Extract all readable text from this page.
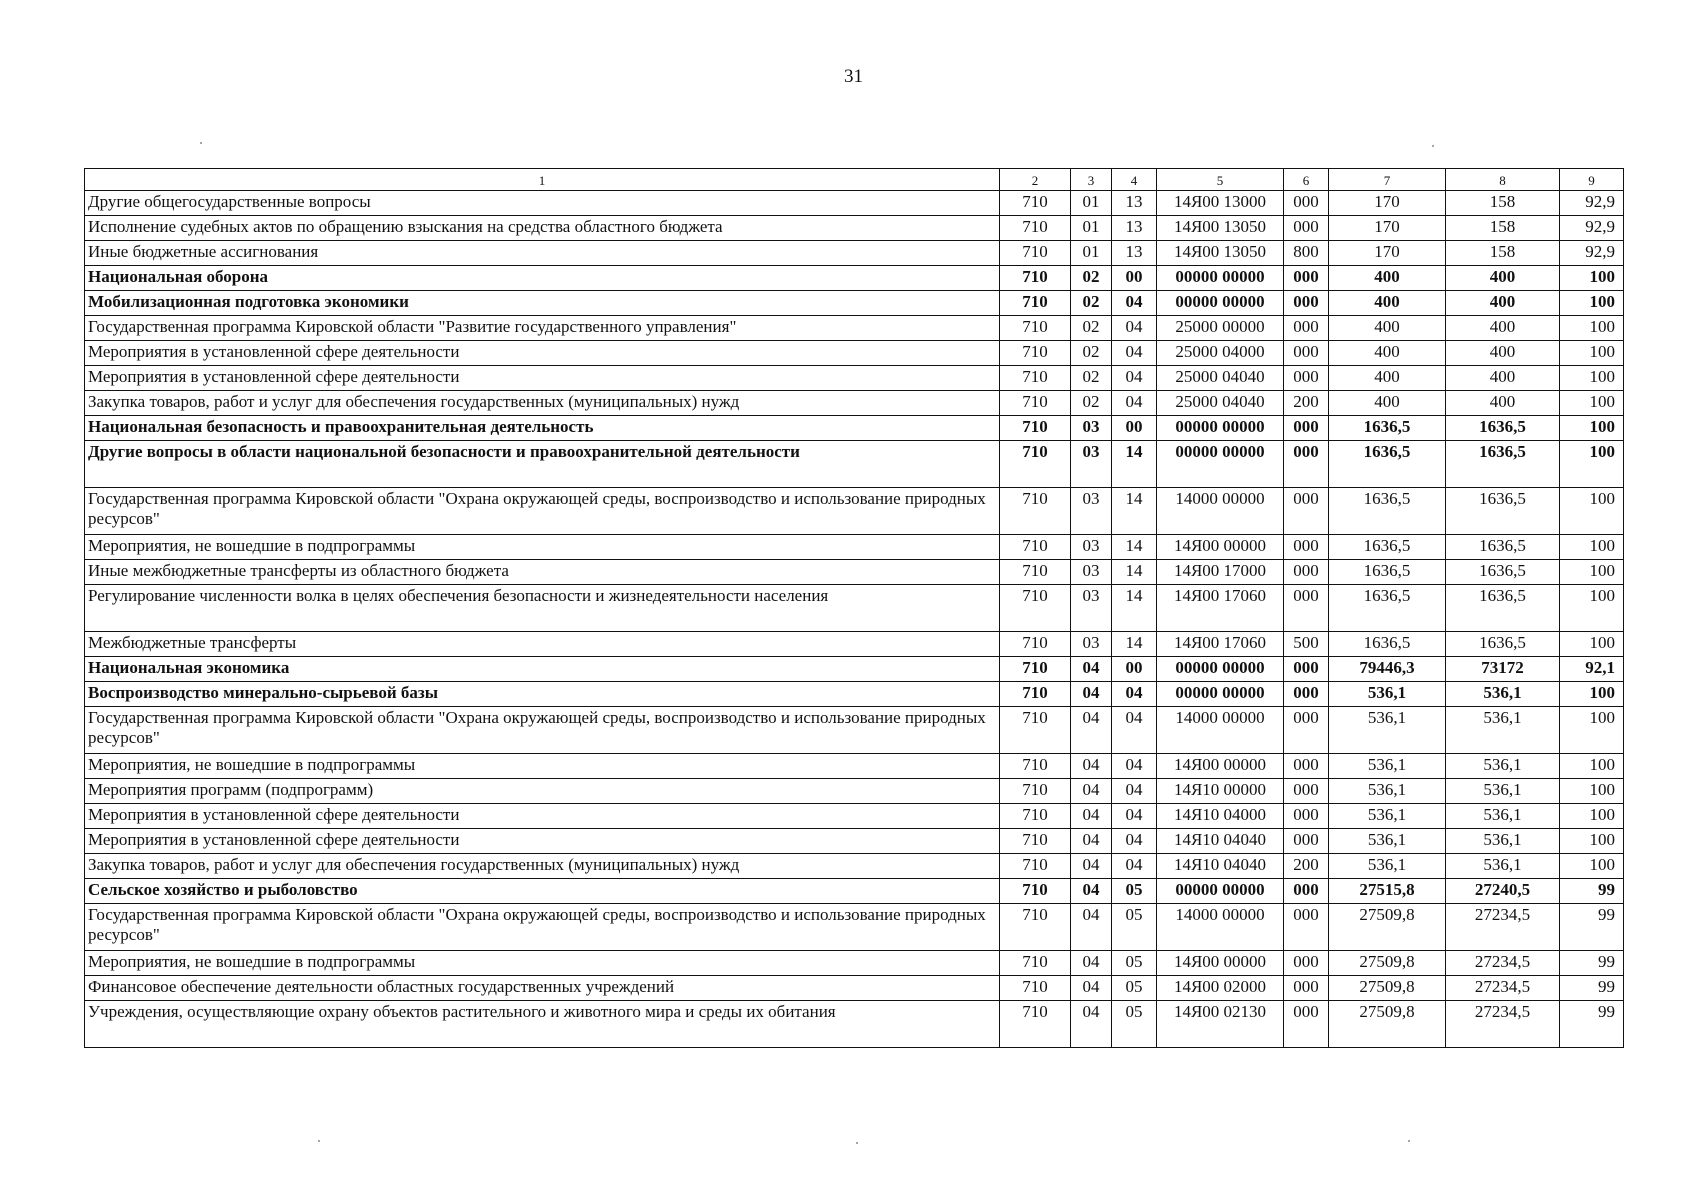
31
1	2	3	4	5	6	7	8	9
Другие общегосударственные вопросы	710	01	13	14Я00 13000	000	170	158	92,9
Исполнение судебных актов по обращению взыскания на средства областного бюджета	710	01	13	14Я00 13050	000	170	158	92,9
Иные бюджетные ассигнования	710	01	13	14Я00 13050	800	170	158	92,9
Национальная оборона	710	02	00	00000 00000	000	400	400	100
Мобилизационная подготовка экономики	710	02	04	00000 00000	000	400	400	100
Государственная программа Кировской области "Развитие государственного управления"	710	02	04	25000 00000	000	400	400	100
Мероприятия в установленной сфере деятельности	710	02	04	25000 04000	000	400	400	100
Мероприятия в установленной сфере деятельности	710	02	04	25000 04040	000	400	400	100
Закупка товаров, работ и услуг для обеспечения государственных (муниципальных) нужд	710	02	04	25000 04040	200	400	400	100
Национальная безопасность и правоохранительная деятельность	710	03	00	00000 00000	000	1636,5	1636,5	100
Другие вопросы в области национальной безопасности и правоохранительной деятельности	710	03	14	00000 00000	000	1636,5	1636,5	100
Государственная программа Кировской области "Охрана окружающей среды, воспроизводство и использование природных ресурсов"	710	03	14	14000 00000	000	1636,5	1636,5	100
Мероприятия, не вошедшие в подпрограммы	710	03	14	14Я00 00000	000	1636,5	1636,5	100
Иные межбюджетные трансферты из областного бюджета	710	03	14	14Я00 17000	000	1636,5	1636,5	100
Регулирование численности волка в целях обеспечения безопасности и жизнедеятельности населения	710	03	14	14Я00 17060	000	1636,5	1636,5	100
Межбюджетные трансферты	710	03	14	14Я00 17060	500	1636,5	1636,5	100
Национальная экономика	710	04	00	00000 00000	000	79446,3	73172	92,1
Воспроизводство минерально-сырьевой базы	710	04	04	00000 00000	000	536,1	536,1	100
Государственная программа Кировской области "Охрана окружающей среды, воспроизводство и использование природных ресурсов"	710	04	04	14000 00000	000	536,1	536,1	100
Мероприятия, не вошедшие в подпрограммы	710	04	04	14Я00 00000	000	536,1	536,1	100
Мероприятия программ (подпрограмм)	710	04	04	14Я10 00000	000	536,1	536,1	100
Мероприятия в установленной сфере деятельности	710	04	04	14Я10 04000	000	536,1	536,1	100
Мероприятия в установленной сфере деятельности	710	04	04	14Я10 04040	000	536,1	536,1	100
Закупка товаров, работ и услуг для обеспечения государственных (муниципальных) нужд	710	04	04	14Я10 04040	200	536,1	536,1	100
Сельское хозяйство и рыболовство	710	04	05	00000 00000	000	27515,8	27240,5	99
Государственная программа Кировской области "Охрана окружающей среды, воспроизводство и использование природных ресурсов"	710	04	05	14000 00000	000	27509,8	27234,5	99
Мероприятия, не вошедшие в подпрограммы	710	04	05	14Я00 00000	000	27509,8	27234,5	99
Финансовое обеспечение деятельности областных государственных учреждений	710	04	05	14Я00 02000	000	27509,8	27234,5	99
Учреждения, осуществляющие охрану объектов растительного и животного мира и среды их обитания	710	04	05	14Я00 02130	000	27509,8	27234,5	99
